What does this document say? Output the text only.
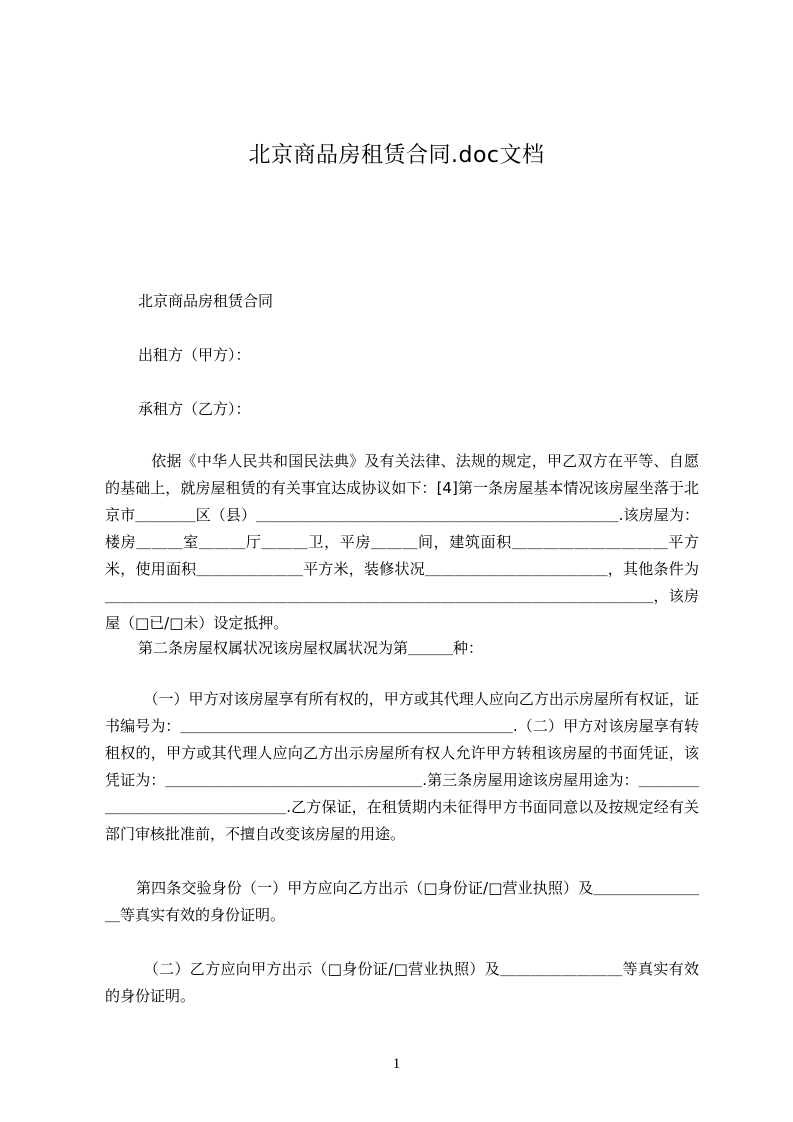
北京商品房租赁合同.doc文档
北京商品房租赁合同
出租方（甲方）：
承租方（乙方）：
　依据《中华人民共和国民法典》及有关法律、法规的规定，甲乙双方在平等、自愿的基础上，就房屋租赁的有关事宜达成协议如下：[4]第一条房屋基本情况该房屋坐落于北京市＿＿＿＿区（县）＿＿＿＿＿＿＿＿＿＿＿＿＿＿＿＿＿＿＿＿＿＿＿＿.该房屋为：楼房＿＿＿室＿＿＿厅＿＿＿卫，平房＿＿＿间，建筑面积＿＿＿＿＿＿＿＿＿＿平方米，使用面积＿＿＿＿＿＿＿平方米，装修状况＿＿＿＿＿＿＿＿＿＿＿＿，其他条件为＿＿＿＿＿＿＿＿＿＿＿＿＿＿＿＿＿＿＿＿＿＿＿＿＿＿＿＿＿＿＿＿＿＿＿＿，该房屋（□已/□未）设定抵押。
第二条房屋权属状况该房屋权属状况为第＿＿＿种：
　（一）甲方对该房屋享有所有权的，甲方或其代理人应向乙方出示房屋所有权证，证书编号为：＿＿＿＿＿＿＿＿＿＿＿＿＿＿＿＿＿＿＿＿＿＿.（二）甲方对该房屋享有转租权的，甲方或其代理人应向乙方出示房屋所有权人允许甲方转租该房屋的书面凭证，该凭证为：＿＿＿＿＿＿＿＿＿＿＿＿＿＿＿＿＿.第三条房屋用途该房屋用途为：＿＿＿＿＿＿＿＿＿＿＿＿＿＿＿＿.乙方保证，在租赁期内未征得甲方书面同意以及按规定经有关部门审核批准前，不擅自改变该房屋的用途。
第四条交验身份（一）甲方应向乙方出示（□身份证/□营业执照）及＿＿＿＿＿＿＿＿等真实有效的身份证明。
　（二）乙方应向甲方出示（□身份证/□营业执照）及＿＿＿＿＿＿＿＿等真实有效的身份证明。
1
